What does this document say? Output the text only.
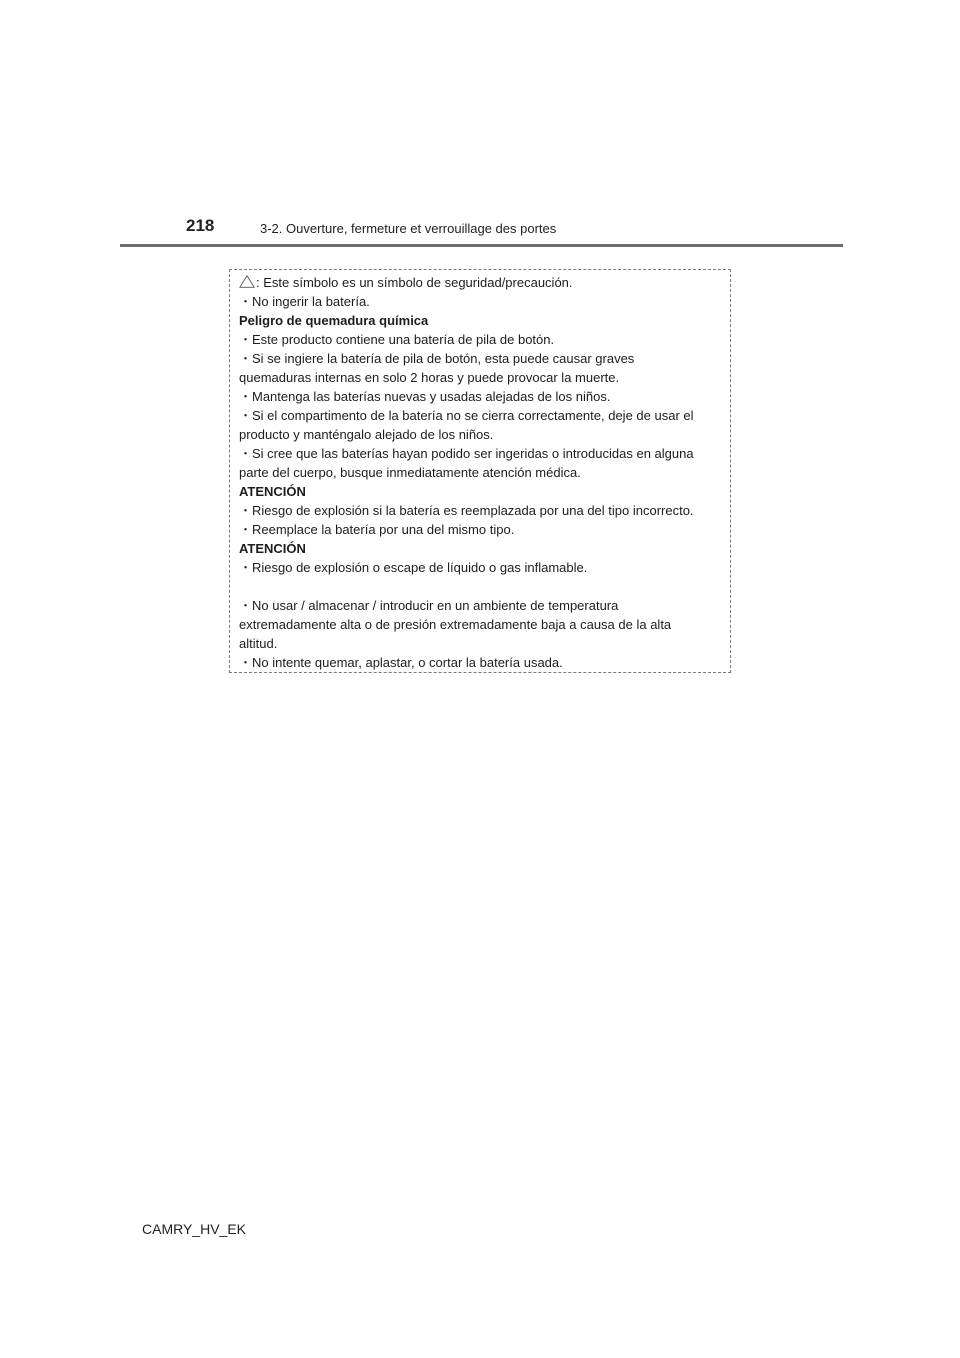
218	3-2. Ouverture, fermeture et verrouillage des portes
: Este símbolo es un símbolo de seguridad/precaución.
・No ingerir la batería.
Peligro de quemadura química
・Este producto contiene una batería de pila de botón.
・Si se ingiere la batería de pila de botón, esta puede causar graves
quemaduras internas en solo 2 horas y puede provocar la muerte.
・Mantenga las baterías nuevas y usadas alejadas de los niños.
・Si el compartimento de la batería no se cierra correctamente, deje de usar el
producto y manténgalo alejado de los niños.
・Si cree que las baterías hayan podido ser ingeridas o introducidas en alguna
parte del cuerpo, busque inmediatamente atención médica.
ATENCIÓN
・Riesgo de explosión si la batería es reemplazada por una del tipo incorrecto.
・Reemplace la batería por una del mismo tipo.
ATENCIÓN
・Riesgo de explosión o escape de líquido o gas inflamable.
・No usar / almacenar / introducir en un ambiente de temperatura
extremadamente alta o de presión extremadamente baja a causa de la alta
altitud.
・No intente quemar, aplastar, o cortar la batería usada.
CAMRY_HV_EK
